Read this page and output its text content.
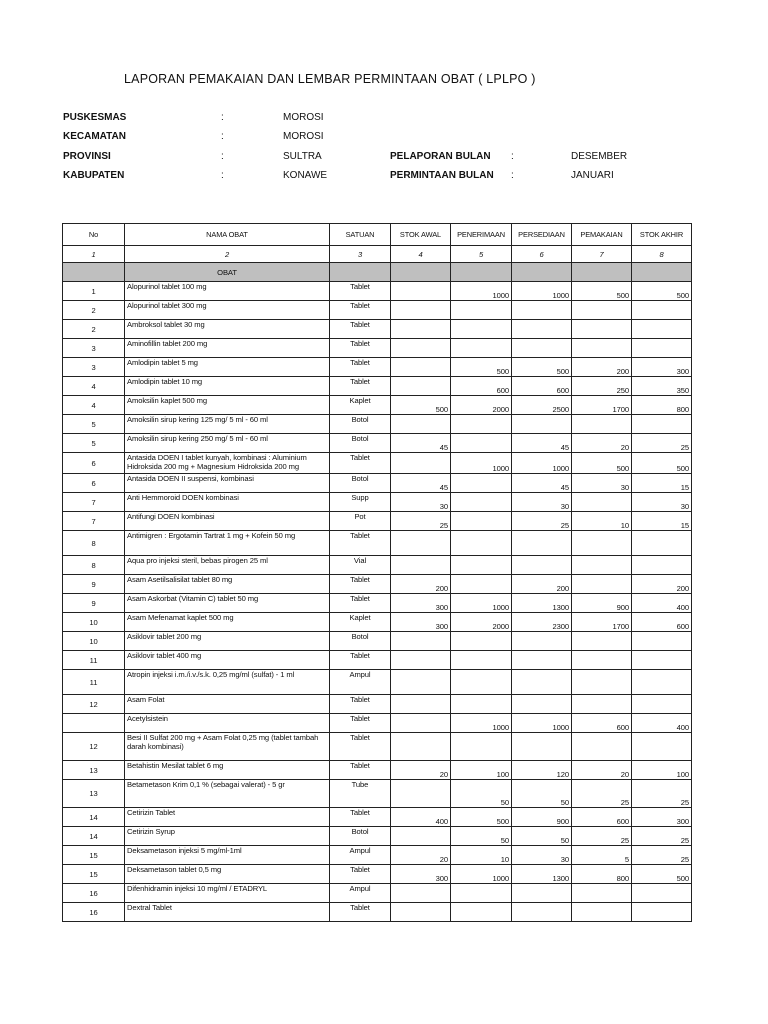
LAPORAN PEMAKAIAN DAN LEMBAR PERMINTAAN OBAT ( LPLPO )
PUSKESMAS	:	MOROSI
KECAMATAN	:	MOROSI
PROVINSI	:	SULTRA
KABUPATEN	:	KONAWE
PELAPORAN BULAN :	DESEMBER
PERMINTAAN BULAN :	JANUARI
No	NAMA OBAT	SATUAN	STOK AWAL	PENERIMAAN	PERSEDIAAN	PEMAKAIAN	STOK AKHIR
1	2	3	4	5	6	7	8
	OBAT						
1	Alopurinol tablet 100 mg	Tablet		1000	1000	500	500
2	Alopurinol tablet 300 mg	Tablet					
2	Ambroksol tablet 30 mg	Tablet					
3	Aminofillin tablet 200 mg	Tablet					
3	Amlodipin tablet 5 mg	Tablet		500	500	200	300
4	Amlodipin tablet 10 mg	Tablet		600	600	250	350
4	Amoksilin kaplet 500 mg	Kaplet	500	2000	2500	1700	800
5	Amoksilin sirup kering 125 mg/ 5 ml - 60 ml	Botol					
5	Amoksilin sirup kering 250 mg/ 5 ml - 60 ml	Botol	45		45	20	25
6	Antasida DOEN I tablet kunyah, kombinasi : Aluminium Hidroksida 200 mg + Magnesium Hidroksida 200 mg	Tablet		1000	1000	500	500
6	Antasida DOEN II suspensi, kombinasi	Botol	45		45	30	15
7	Anti Hemmoroid DOEN kombinasi	Supp	30		30		30
7	Antifungi DOEN kombinasi	Pot	25		25	10	15
8	Antimigren : Ergotamin Tartrat 1 mg + Kofein 50 mg	Tablet					
8	Aqua pro injeksi steril, bebas pirogen 25 ml	Vial					
9	Asam Asetilsalisilat tablet 80 mg	Tablet	200		200		200
9	Asam Askorbat (Vitamin C) tablet 50 mg	Tablet	300	1000	1300	900	400
10	Asam Mefenamat kaplet 500 mg	Kaplet	300	2000	2300	1700	600
10	Asiklovir tablet 200 mg	Botol					
11	Asiklovir tablet 400 mg	Tablet					
11	Atropin injeksi i.m./i.v./s.k. 0,25 mg/ml (sulfat) - 1 ml	Ampul					
12	Asam Folat	Tablet					
	Acetylsistein	Tablet		1000	1000	600	400
12	Besi II Sulfat 200 mg + Asam Folat 0,25 mg (tablet tambah darah kombinasi)	Tablet					
13	Betahistin Mesilat tablet 6 mg	Tablet	20	100	120	20	100
13	Betametason Krim 0,1 % (sebagai valerat) - 5 gr	Tube		50	50	25	25
14	Cetirizin Tablet	Tablet	400	500	900	600	300
14	Cetirizin Syrup	Botol		50	50	25	25
15	Deksametason injeksi 5 mg/ml-1ml	Ampul	20	10	30	5	25
15	Deksametason tablet 0,5 mg	Tablet	300	1000	1300	800	500
16	Difenhidramin injeksi 10 mg/ml / ETADRYL	Ampul					
16	Dextral Tablet	Tablet					
